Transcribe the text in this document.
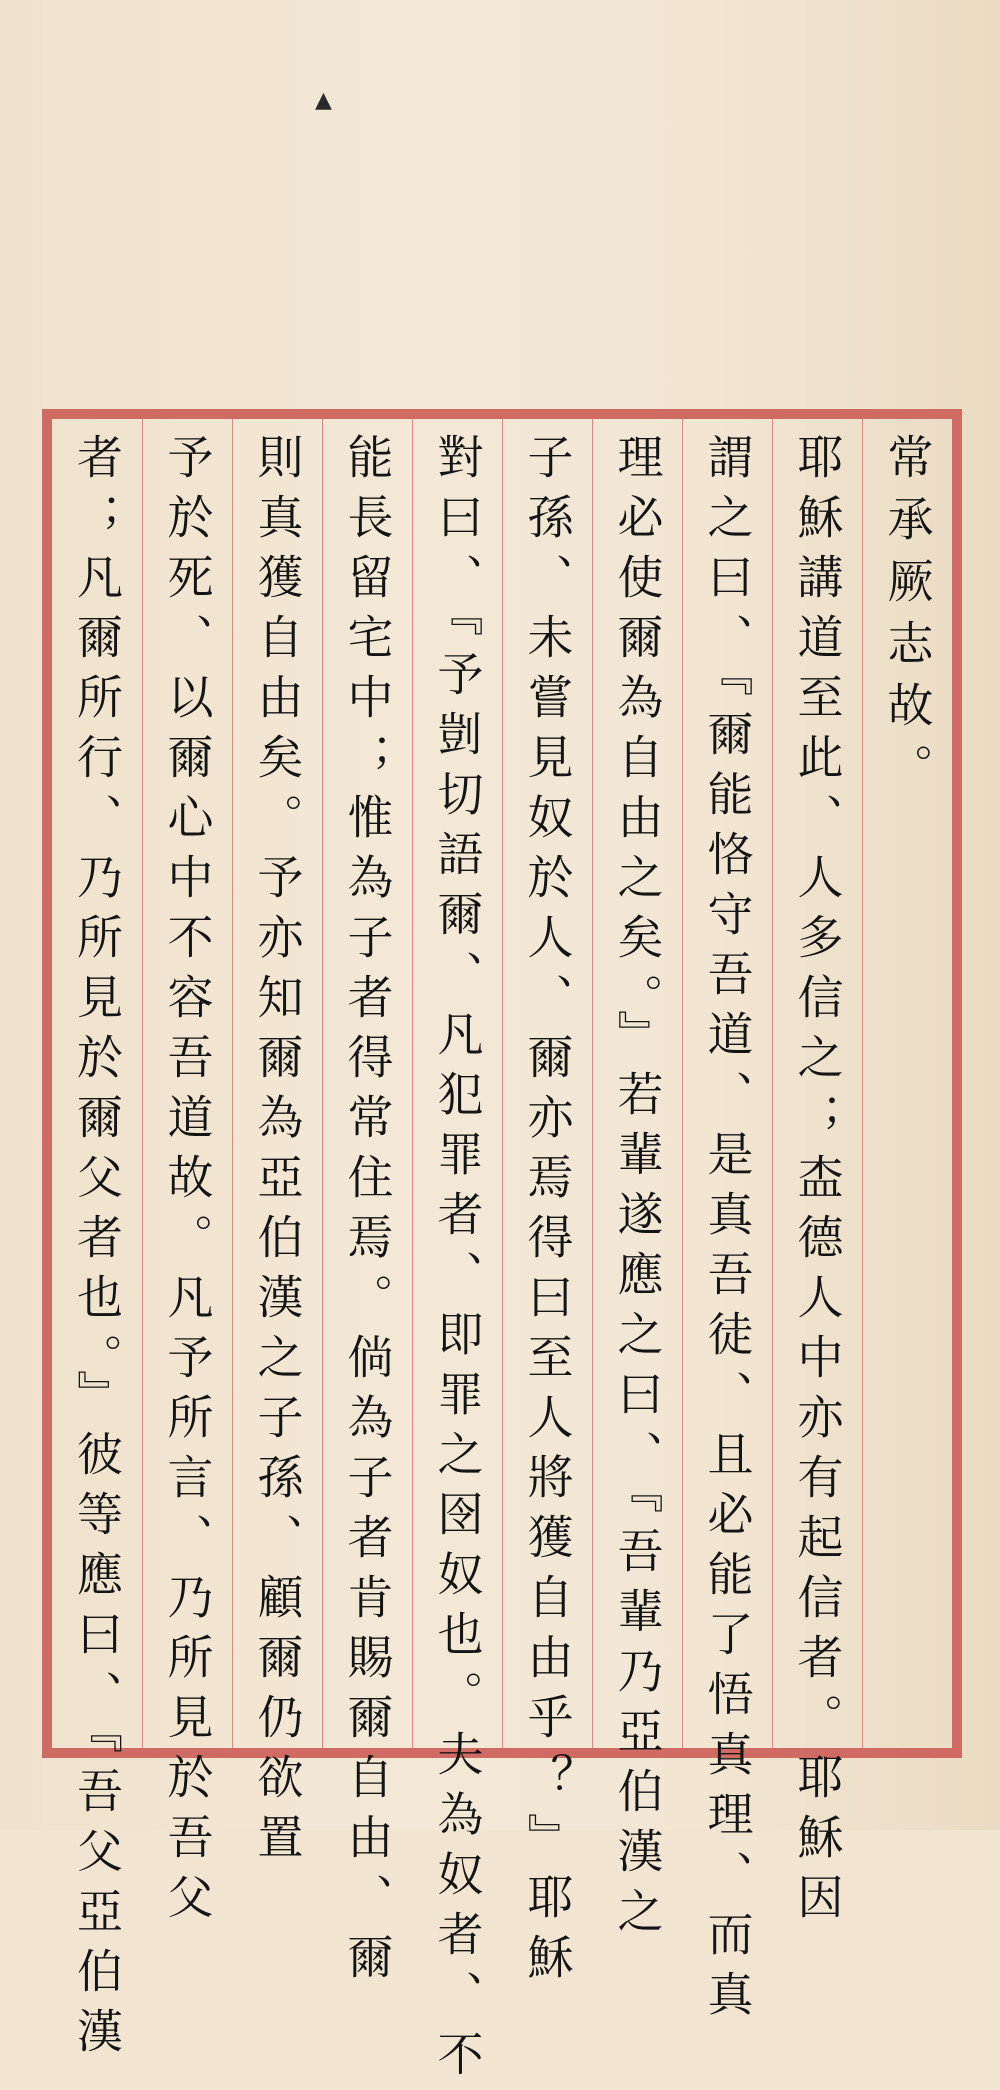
▲
常承厥志故。
耶穌講道至此、人多信之；㭗德人中亦有起信者。耶穌因
謂之曰、『爾能恪守吾道、是真吾徒、且必能了悟真理、而真
理必使爾為自由之矣。』若輩遂應之曰、『吾輩乃亞伯漢之
子孫、未嘗見奴於人、爾亦焉得曰至人將獲自由乎？』耶穌
對曰、『予剴切語爾、凡犯罪者、即罪之囹奴也。夫為奴者、不
能長留宅中；惟為子者得常住焉。倘為子者肯賜爾自由、爾
則真獲自由矣。予亦知爾為亞伯漢之子孫、顧爾仍欲置
予於死、以爾心中不容吾道故。凡予所言、乃所見於吾父
者；凡爾所行、乃所見於爾父者也。』彼等應曰、『吾父亞伯漢
